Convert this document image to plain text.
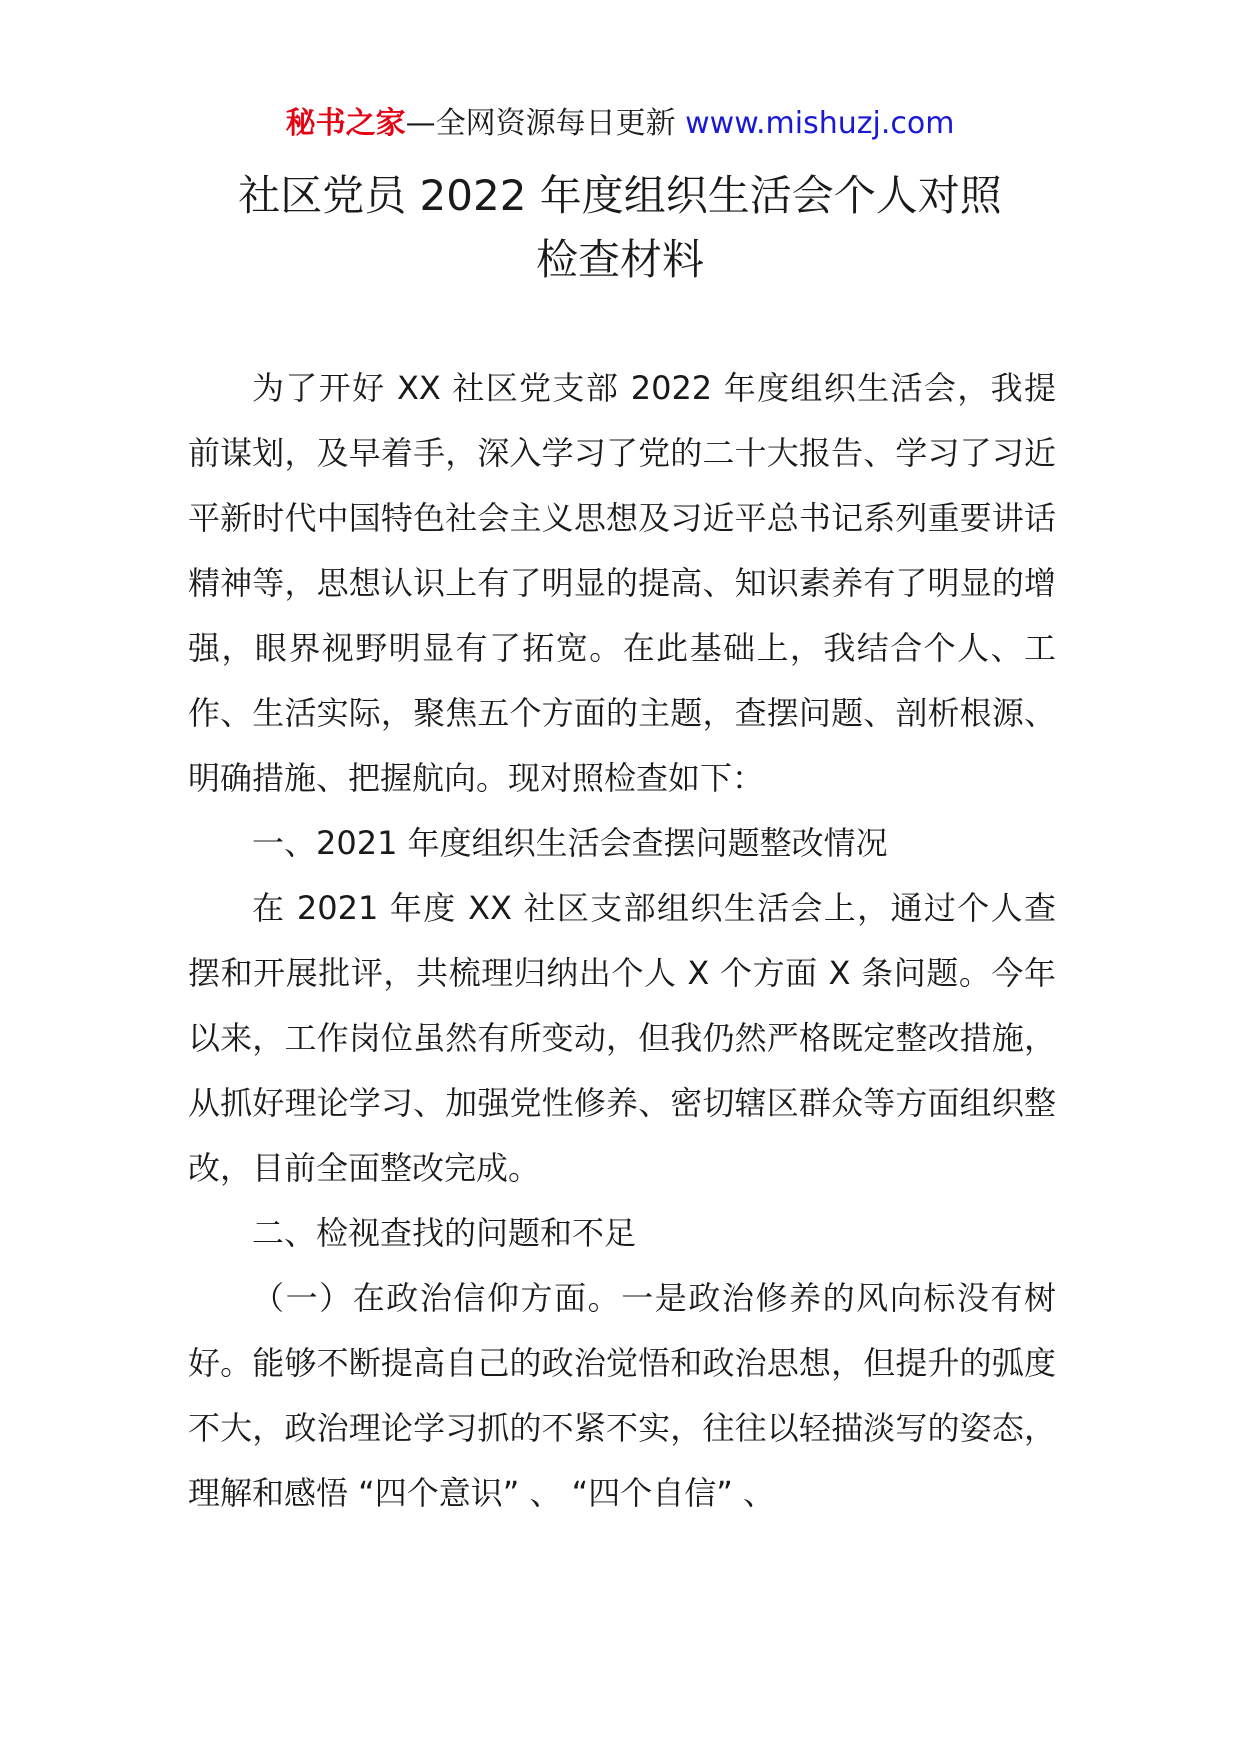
秘书之家—全网资源每日更新 www.mishuzj.com
社区党员 2022 年度组织生活会个人对照
检查材料

为了开好 XX 社区党支部 2022 年度组织生活会，我提前谋划，及早着手，深入学习了党的二十大报告、学习了习近平新时代中国特色社会主义思想及习近平总书记系列重要讲话精神等，思想认识上有了明显的提高、知识素养有了明显的增强，眼界视野明显有了拓宽。在此基础上，我结合个人、工作、生活实际，聚焦五个方面的主题，查摆问题、剖析根源、明确措施、把握航向。现对照检查如下：

一、2021 年度组织生活会查摆问题整改情况

在 2021 年度 XX 社区支部组织生活会上，通过个人查摆和开展批评，共梳理归纳出个人 X 个方面 X 条问题。今年以来，工作岗位虽然有所变动，但我仍然严格既定整改措施，从抓好理论学习、加强党性修养、密切辖区群众等方面组织整改，目前全面整改完成。

二、检视查找的问题和不足

（一）在政治信仰方面。一是政治修养的风向标没有树好。能够不断提高自己的政治觉悟和政治思想，但提升的弧度不大，政治理论学习抓的不紧不实，往往以轻描淡写的姿态，理解和感悟 “四个意识” 、 “四个自信” 、
